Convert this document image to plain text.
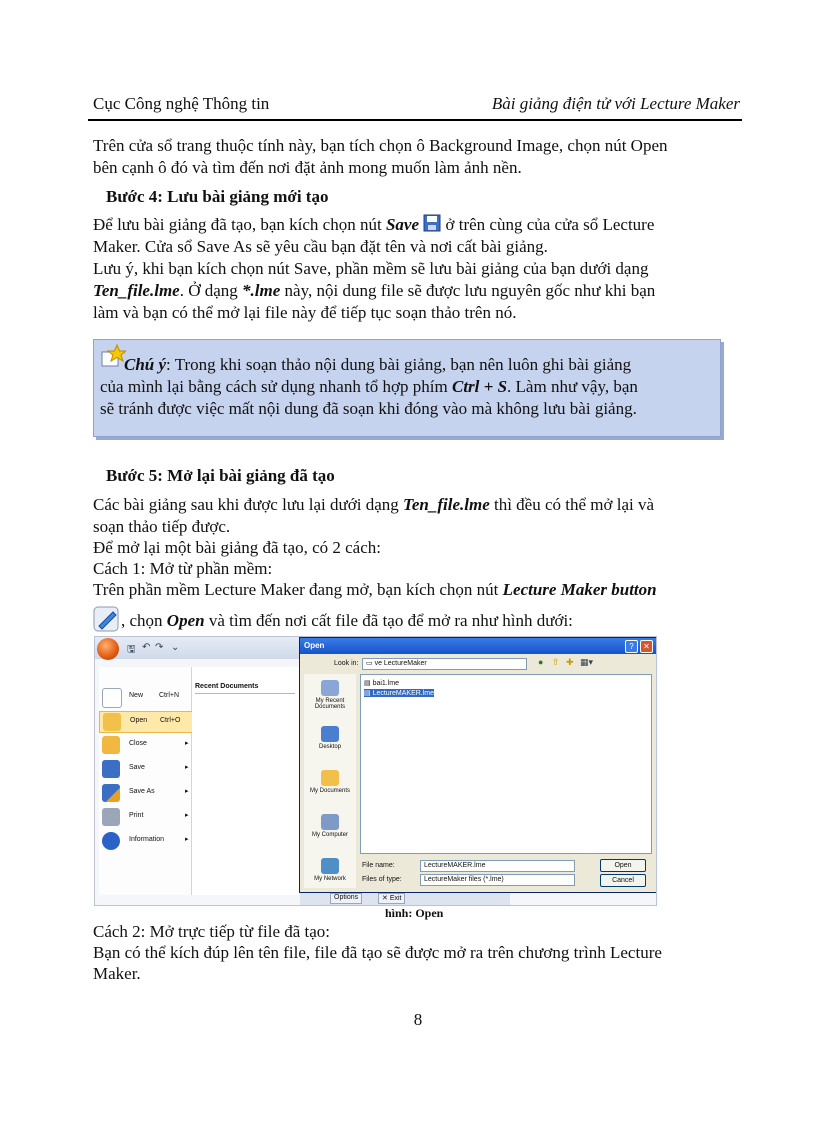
Cục Công nghệ Thông tin	Bài giảng điện tử với Lecture Maker
Trên cửa sổ trang thuộc tính này, bạn tích chọn ô Background Image, chọn nút Open
bên cạnh ô đó và tìm đến nơi đặt ảnh mong muốn làm ảnh nền.
Bước 4: Lưu bài giảng mới tạo
Để lưu bài giảng đã tạo, bạn kích chọn nút Save  ở trên cùng của cửa sổ Lecture
Maker. Cửa sổ Save As sẽ yêu cầu bạn đặt tên và nơi cất bài giảng.
Lưu ý, khi bạn kích chọn nút Save, phần mềm sẽ lưu bài giảng của bạn dưới dạng
Ten_file.lme. Ở dạng *.lme này, nội dung file sẽ được lưu nguyên gốc như khi bạn
làm và bạn có thể mở lại file này để tiếp tục soạn thảo trên nó.
Chú ý: Trong khi soạn thảo nội dung bài giảng, bạn nên luôn ghi bài giảng
của mình lại bằng cách sử dụng nhanh tổ hợp phím Ctrl + S. Làm như vậy, bạn
sẽ tránh được việc mất nội dung đã soạn khi đóng vào mà không lưu bài giảng.
Bước 5: Mở lại bài giảng đã tạo
Các bài giảng sau khi được lưu lại dưới dạng Ten_file.lme thì đều có thể mở lại và
soạn thảo tiếp được.
Để mở lại một bài giảng đã tạo, có 2 cách:
Cách 1: Mở từ phần mềm:
Trên phần mềm Lecture Maker đang mở, bạn kích chọn nút Lecture Maker button
, chọn Open và tìm đến nơi cất file đã tạo để mở ra như hình dưới:
🖫 ↶ ↷ ⌄
New Ctrl+N
Open Ctrl+O
Close	▸
Save	▸
Save As	▸
Print	▸
Information	▸
Recent Documents
Options	✕ Exit
Open	?	✕
Look in:	▭ ve LectureMaker	● ⇧ ✚ ▦▾
My Recent Documents
Desktop
My Documents
My Computer
My Network
▤ bai1.lme
▤ LectureMAKER.lme
File name:	LectureMAKER.lme
Files of type:	LectureMaker files (*.lme)
Open
Cancel
hình: Open
Cách 2: Mở trực tiếp từ file đã tạo:
Bạn có thể kích đúp lên tên file, file đã tạo sẽ được mở ra trên chương trình Lecture
Maker.
8
